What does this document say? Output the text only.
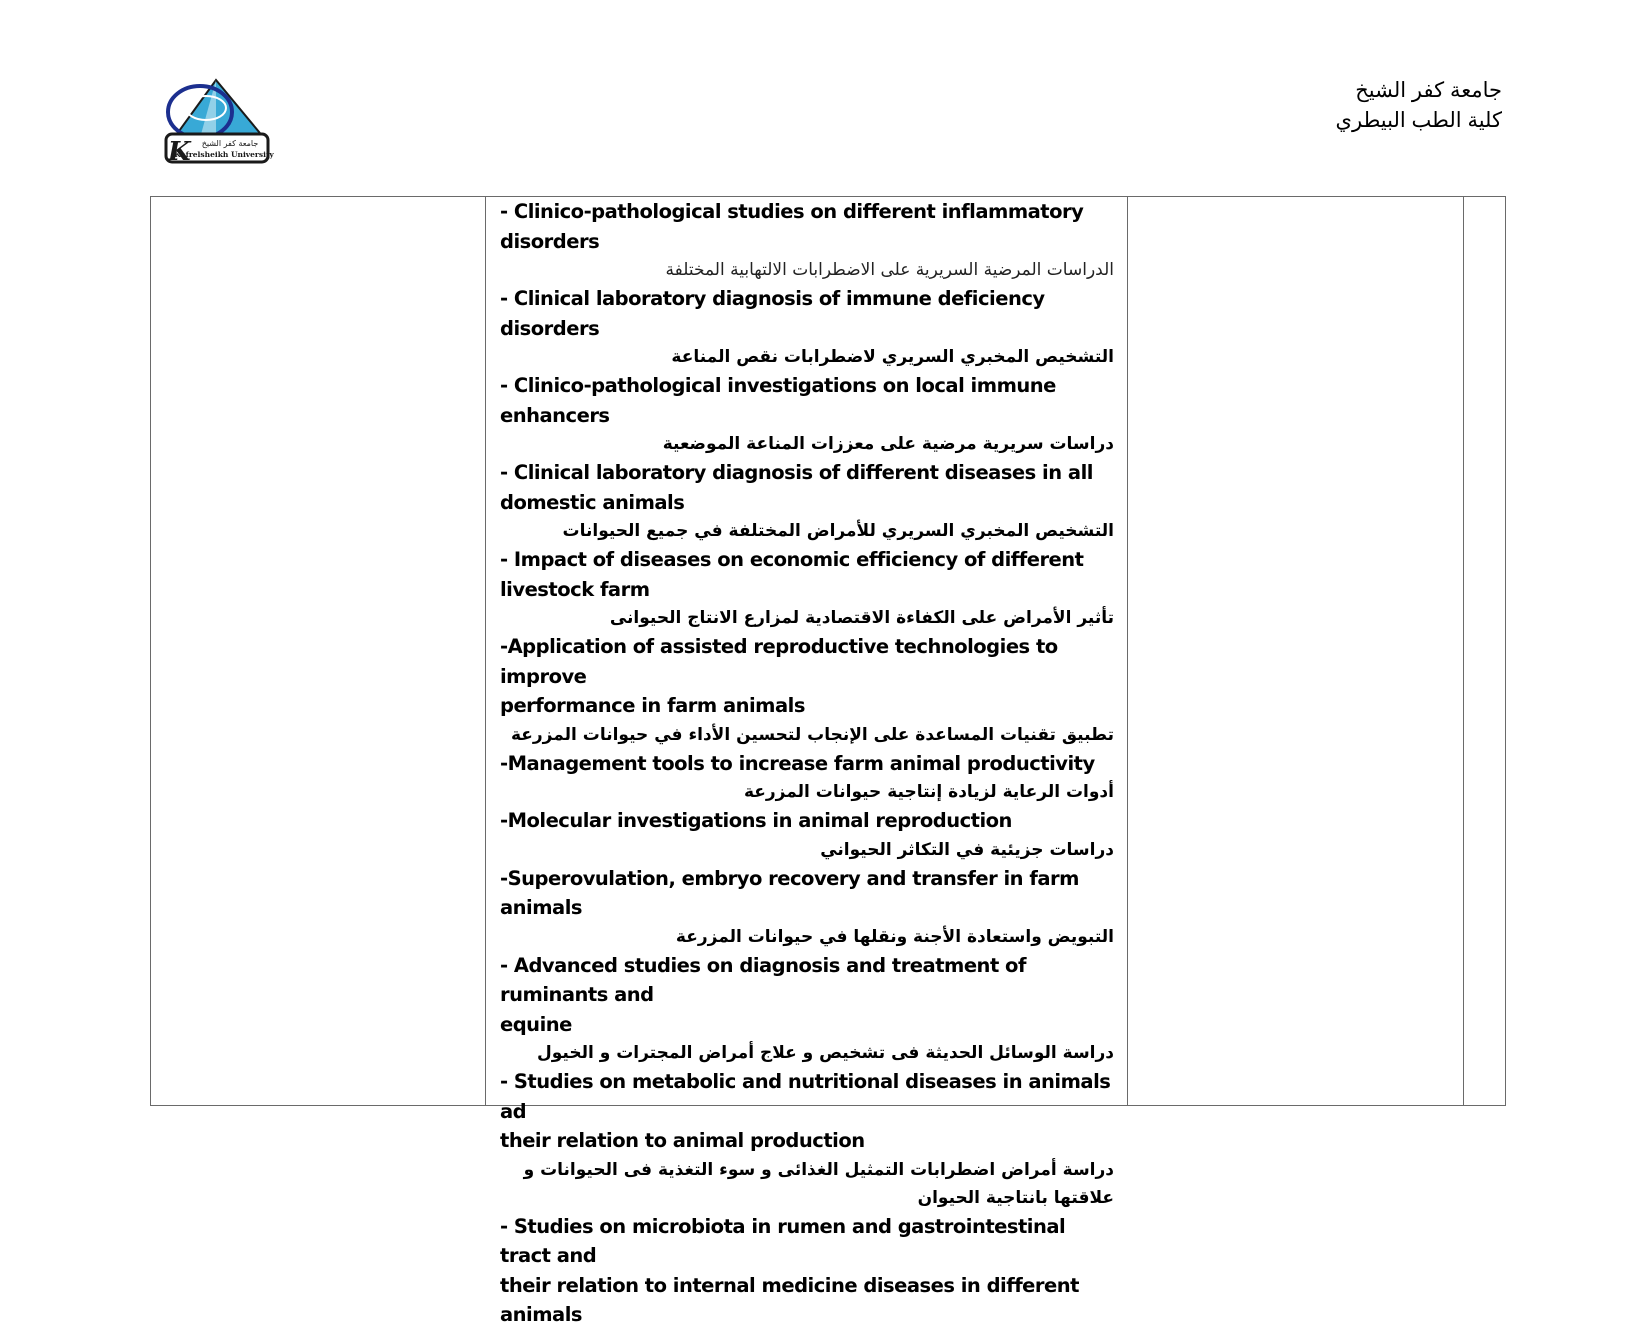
K جامعة كفر الشيخ
Kafrelsheikh University
جامعة كفر الشيخ
كلية الطب البيطري
- Clinico-pathological studies on different inflammatory
disorders
الدراسات المرضية السريرية على الاضطرابات الالتهابية المختلفة
- Clinical laboratory diagnosis of immune deficiency disorders
التشخيص المخبري السريري لاضطرابات نقص المناعة
- Clinico-pathological investigations on local immune enhancers
دراسات سريرية مرضية على معززات المناعة الموضعية
- Clinical laboratory diagnosis of different diseases in all
domestic animals
التشخيص المخبري السريري للأمراض المختلفة في جميع الحيوانات
- Impact of diseases on economic efficiency of different
livestock farm
تأثير الأمراض على الكفاءة الاقتصادية لمزارع الانتاج الحيوانى
-Application of assisted reproductive technologies to improve
performance in farm animals
تطبيق تقنيات المساعدة على الإنجاب لتحسين الأداء في حيوانات المزرعة
-Management tools to increase farm animal productivity
أدوات الرعاية لزيادة إنتاجية حيوانات المزرعة
-Molecular investigations in animal reproduction
دراسات جزيئية في التكاثر الحيواني
-Superovulation, embryo recovery and transfer in farm animals
التبويض واستعادة الأجنة ونقلها في حيوانات المزرعة
- Advanced studies on diagnosis and treatment of ruminants and
equine
دراسة الوسائل الحديثة فى تشخيص و علاج أمراض المجترات و الخيول
- Studies on metabolic and nutritional diseases in animals ad
their relation to animal production
دراسة أمراض اضطرابات التمثيل الغذائى و سوء التغذية فى الحيوانات و علاقتها بانتاجية الحيوان
- Studies on microbiota in rumen and gastrointestinal tract and
their relation to internal medicine diseases in different animals
